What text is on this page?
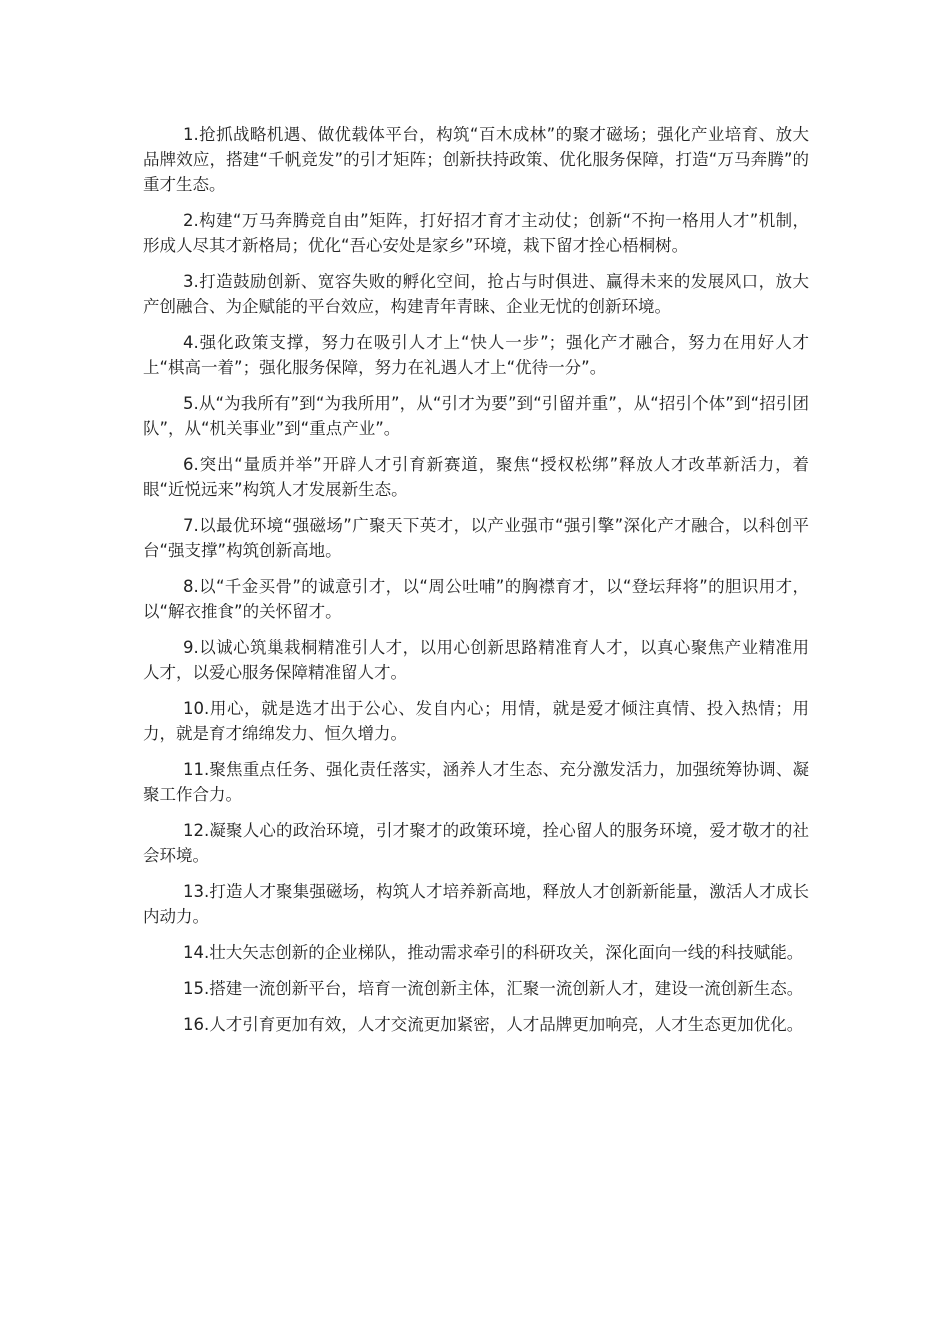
1.抢抓战略机遇、做优载体平台，构筑“百木成林”的聚才磁场；强化产业培育、放大品牌效应，搭建“千帆竞发”的引才矩阵；创新扶持政策、优化服务保障，打造“万马奔腾”的重才生态。

2.构建“万马奔腾竞自由”矩阵，打好招才育才主动仗；创新“不拘一格用人才”机制，形成人尽其才新格局；优化“吾心安处是家乡”环境，栽下留才拴心梧桐树。

3.打造鼓励创新、宽容失败的孵化空间，抢占与时俱进、赢得未来的发展风口，放大产创融合、为企赋能的平台效应，构建青年青睐、企业无忧的创新环境。

4.强化政策支撑，努力在吸引人才上“快人一步”；强化产才融合，努力在用好人才上“棋高一着”；强化服务保障，努力在礼遇人才上“优待一分”。

5.从“为我所有”到“为我所用”，从“引才为要”到“引留并重”，从“招引个体”到“招引团队”，从“机关事业”到“重点产业”。

6.突出“量质并举”开辟人才引育新赛道，聚焦“授权松绑”释放人才改革新活力，着眼“近悦远来”构筑人才发展新生态。

7.以最优环境“强磁场”广聚天下英才，以产业强市“强引擎”深化产才融合，以科创平台“强支撑”构筑创新高地。

8.以“千金买骨”的诚意引才，以“周公吐哺”的胸襟育才，以“登坛拜将”的胆识用才，以“解衣推食”的关怀留才。

9.以诚心筑巢栽桐精准引人才，以用心创新思路精准育人才，以真心聚焦产业精准用人才，以爱心服务保障精准留人才。

10.用心，就是选才出于公心、发自内心；用情，就是爱才倾注真情、投入热情；用力，就是育才绵绵发力、恒久增力。

11.聚焦重点任务、强化责任落实，涵养人才生态、充分激发活力，加强统筹协调、凝聚工作合力。

12.凝聚人心的政治环境，引才聚才的政策环境，拴心留人的服务环境，爱才敬才的社会环境。

13.打造人才聚集强磁场，构筑人才培养新高地，释放人才创新新能量，激活人才成长内动力。

14.壮大矢志创新的企业梯队，推动需求牵引的科研攻关，深化面向一线的科技赋能。

15.搭建一流创新平台，培育一流创新主体，汇聚一流创新人才，建设一流创新生态。

16.人才引育更加有效，人才交流更加紧密，人才品牌更加响亮，人才生态更加优化。
